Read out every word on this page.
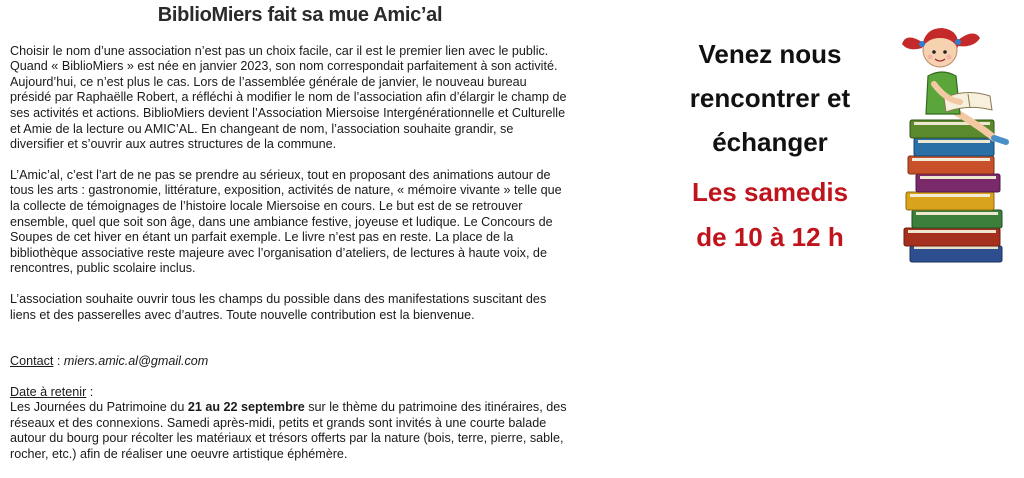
BiblioMiers fait sa mue Amic’al

Choisir le nom d’une association n’est pas un choix facile, car il est le premier lien avec le public. Quand « BiblioMiers » est née en janvier 2023, son nom correspondait parfaitement à son activité. Aujourd’hui, ce n’est plus le cas. Lors de l’assemblée générale de janvier, le nouveau bureau présidé par Raphaëlle Robert, a réfléchi à modifier le nom de l’association afin d’élargir le champ de ses activités et actions. BiblioMiers devient l’Association Miersoise Intergénérationnelle et Culturelle et Amie de la lecture ou AMIC’AL. En changeant de nom, l’association souhaite grandir, se diversifier et s’ouvrir aux autres structures de la commune.

L’Amic’al, c’est l’art de ne pas se prendre au sérieux, tout en proposant des animations autour de tous les arts : gastronomie, littérature, exposition, activités de nature, « mémoire vivante » telle que la collecte de témoignages de l’histoire locale Miersoise en cours. Le but est de se retrouver ensemble, quel que soit son âge, dans une ambiance festive, joyeuse et ludique. Le Concours de Soupes de cet hiver en étant un parfait exemple. Le livre n’est pas en reste. La place de la bibliothèque associative reste majeure avec l’organisation d’ateliers, de lectures à haute voix, de rencontres, public scolaire inclus.

L’association souhaite ouvrir tous les champs du possible dans des manifestations suscitant des liens et des passerelles avec d’autres. Toute nouvelle contribution est la bienvenue.

Contact : miers.amic.al@gmail.com

Date à retenir :
Les Journées du Patrimoine du 21 au 22 septembre sur le thème du patrimoine des itinéraires, des réseaux et des connexions. Samedi après-midi, petits et grands sont invités à une courte balade autour du bourg pour récolter les matériaux et trésors offerts par la nature (bois, terre, pierre, sable, rocher, etc.) afin de réaliser une oeuvre artistique éphémère.

Venez nous
rencontrer et
échanger
Les samedis
de 10 à 12 h
